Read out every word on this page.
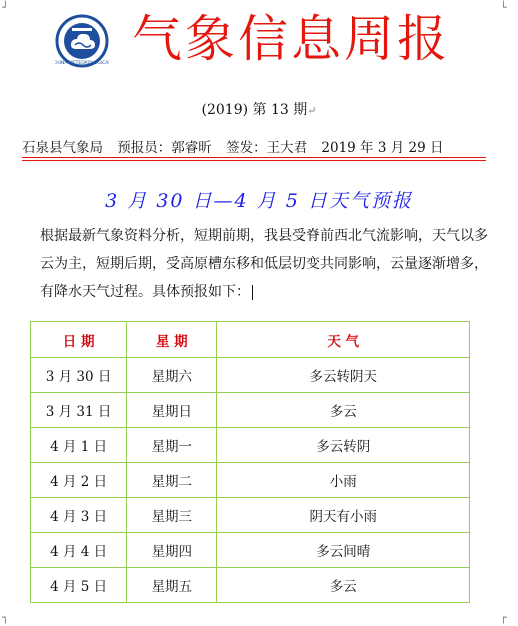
┘	└
┐	┌
CHINA METEOROLOGICAL 气象信息周报
(2019) 第 13 期↵
石泉县气象局 预报员：郭睿昕 签发：王大君 2019 年 3 月 29 日
3 月 30 日—4 月 5 日天气预报
根据最新气象资料分析，短期前期，我县受脊前西北气流影响，天气以多云为主，短期后期，受高原槽东移和低层切变共同影响，云量逐渐增多，有降水天气过程。具体预报如下：
日 期	星 期	天 气
3 月 30 日	星期六	多云转阴天
3 月 31 日	星期日	多云
4 月 1 日	星期一	多云转阴
4 月 2 日	星期二	小雨
4 月 3 日	星期三	阴天有小雨
4 月 4 日	星期四	多云间晴
4 月 5 日	星期五	多云
